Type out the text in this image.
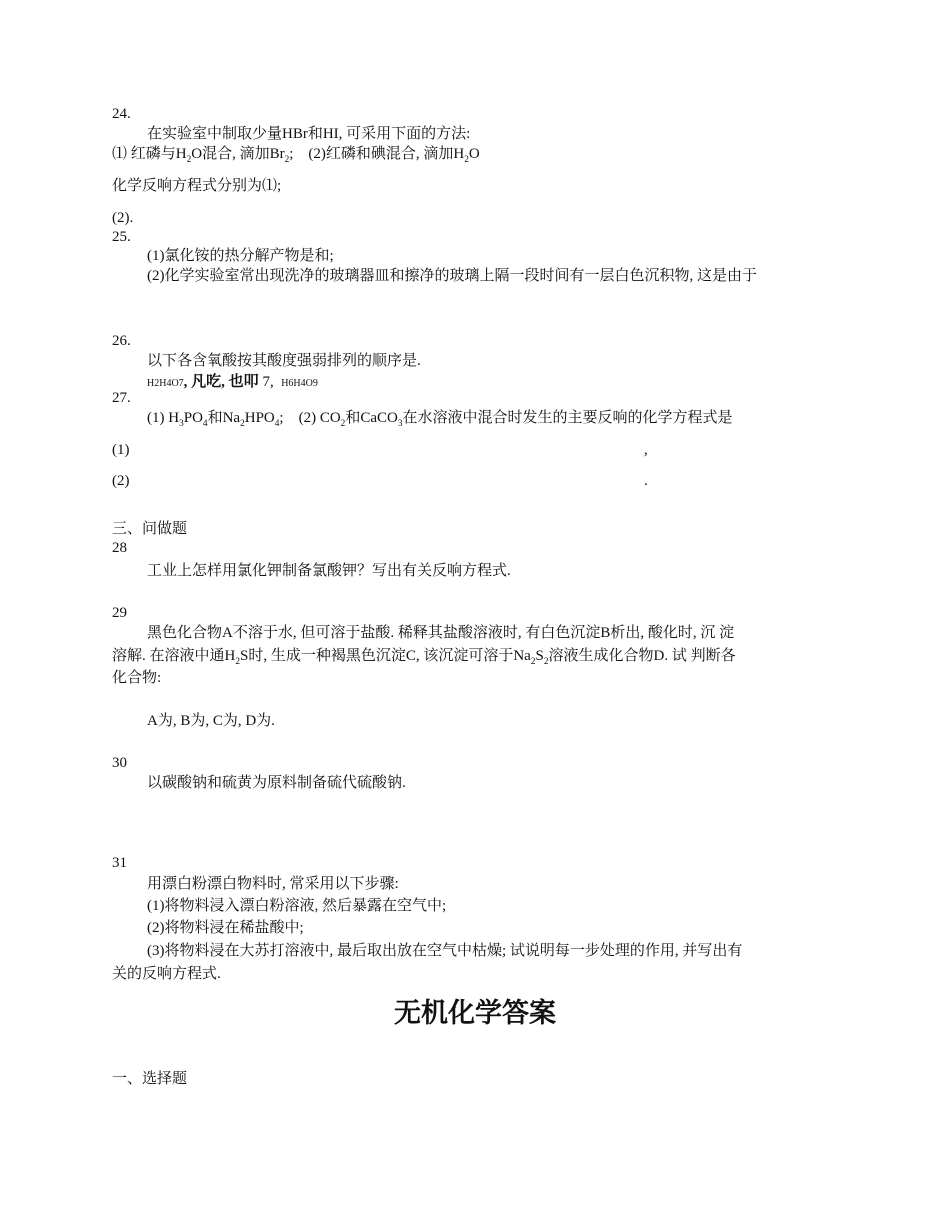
24.
在实验室中制取少量HBr和HI, 可采用下面的方法:
⑴ 红磷与$H_2O$混合, 滴加$Br_2$; (2)红磷和碘混合, 滴加$H_2O$
化学反响方程式分别为⑴;
(2).
25.
(1)氯化铵的热分解产物是和;
(2)化学实验室常出现洗净的玻璃器皿和擦净的玻璃上隔一段时间有一层白色沉积物, 这是由于
26.
以下各含氧酸按其酸度强弱排列的顺序是.
H2H4O7, 凡吃, 也叩 7, H6H4O9
27.
(1) $H_3PO_4$和$Na_2HPO_4$; (2) $CO_2$和CaCO$_3$在水溶液中混合时发生的主要反响的化学方程式是
(1)	,
(2)	.
三、问做题
28
工业上怎样用氯化钾制备氯酸钾？写出有关反响方程式.
29
黑色化合物A不溶于水, 但可溶于盐酸. 稀释其盐酸溶液时, 有白色沉淀B析出, 酸化时, 沉 淀
溶解. 在溶液中通$H_2S$时, 生成一种褐黑色沉淀C, 该沉淀可溶于$Na_2S_2$溶液生成化合物D. 试 判断各
化合物:
A为, B为, C为, D为.
30
以碳酸钠和硫黄为原料制备硫代硫酸钠.
31
用漂白粉漂白物料时, 常采用以下步骤:
(1)将物料浸入漂白粉溶液, 然后暴露在空气中;
(2)将物料浸在稀盐酸中;
(3)将物料浸在大苏打溶液中, 最后取出放在空气中枯燥; 试说明每一步处理的作用, 并写出有
关的反响方程式.
无机化学答案
一、选择题
